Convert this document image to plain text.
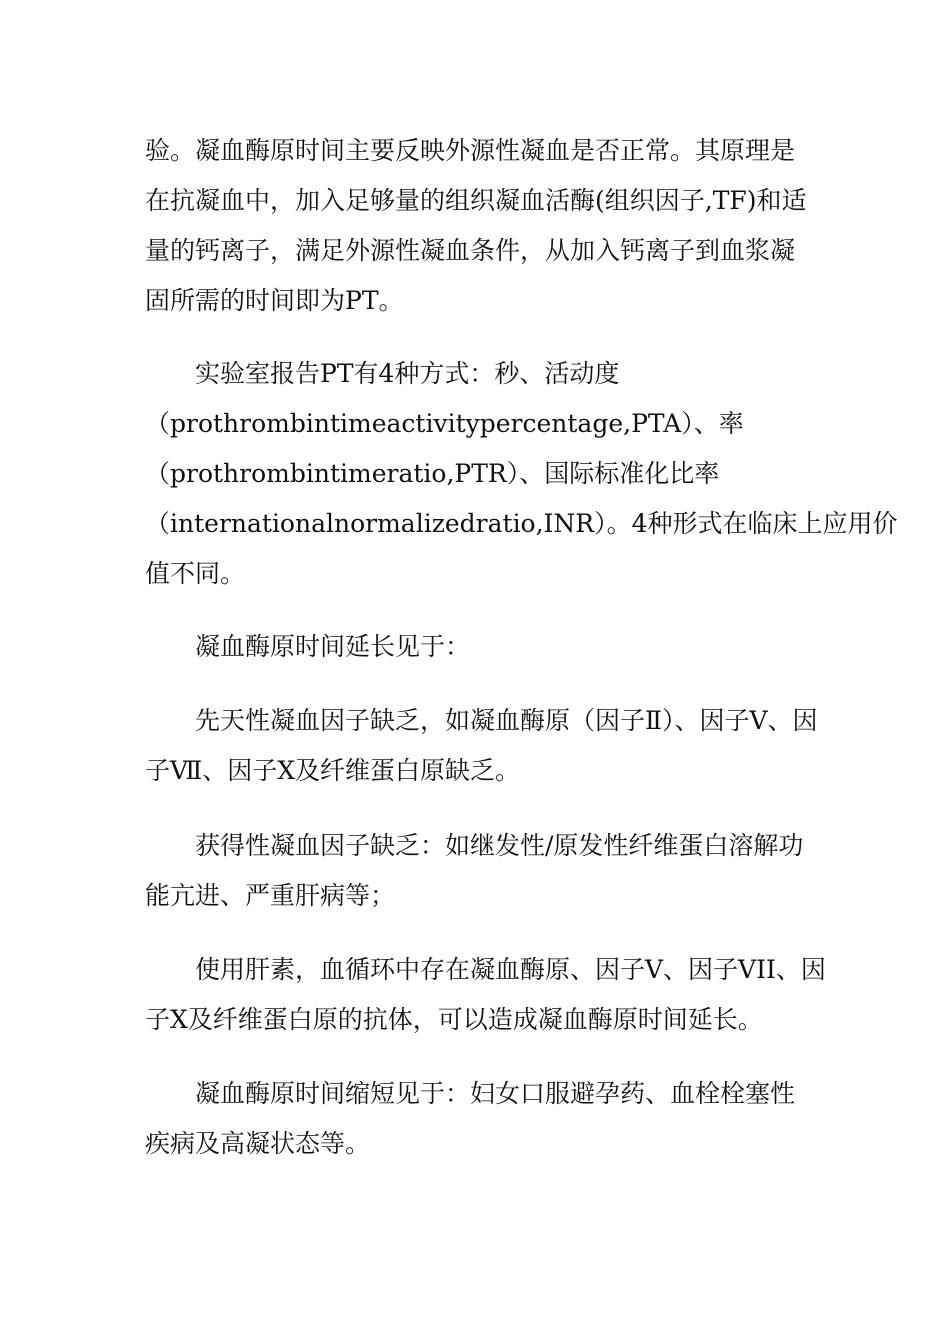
验。凝血酶原时间主要反映外源性凝血是否正常。其原理是
在抗凝血中，加入足够量的组织凝血活酶(组织因子,TF)和适
量的钙离子，满足外源性凝血条件，从加入钙离子到血浆凝
固所需的时间即为PT。
实验室报告PT有4种方式：秒、活动度
（prothrombintimeactivitypercentage,PTA）、率
（prothrombintimeratio,PTR）、国际标准化比率
（internationalnormalizedratio,INR）。4种形式在临床上应用价
值不同。
凝血酶原时间延长见于：
先天性凝血因子缺乏，如凝血酶原（因子Ⅱ）、因子Ⅴ、因
子Ⅶ、因子Ⅹ及纤维蛋白原缺乏。
获得性凝血因子缺乏：如继发性/原发性纤维蛋白溶解功
能亢进、严重肝病等；
使用肝素，血循环中存在凝血酶原、因子Ⅴ、因子VII、因
子Ⅹ及纤维蛋白原的抗体，可以造成凝血酶原时间延长。
凝血酶原时间缩短见于：妇女口服避孕药、血栓栓塞性
疾病及高凝状态等。
